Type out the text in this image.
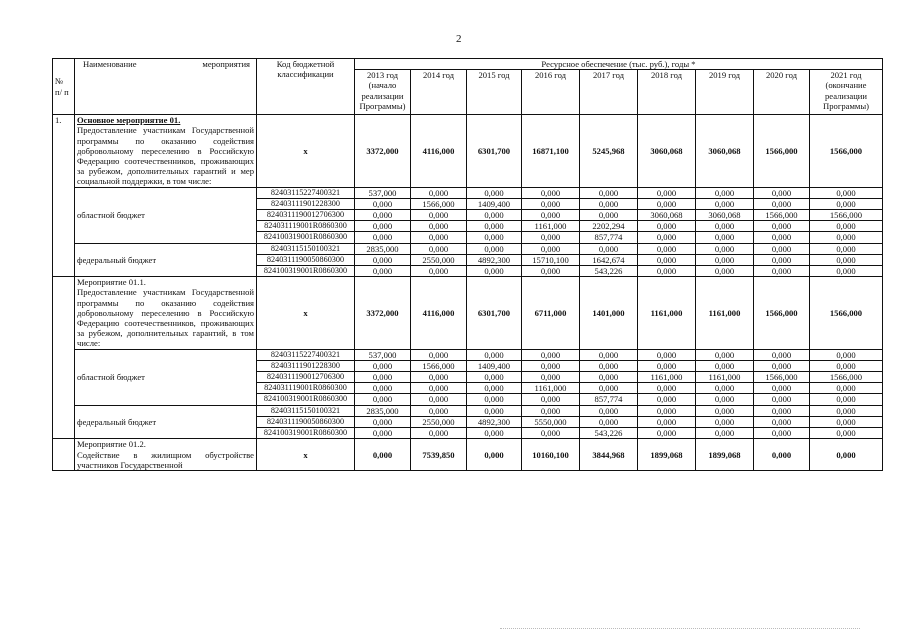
2
№ п/ п	Наименование мероприятия	Код бюджетной классификации	Ресурсное обеспечение (тыс. руб.), годы *								
			2013 год (начало реализации Программы)	2014 год	2015 год	2016 год	2017 год	2018 год	2019 год	2020 год	2021 год (окончание реализации Программы)
1.	Основное мероприятие 01.
Предоставление участникам Государственной программы по оказанию содействия добровольному переселению в Российскую Федерацию соотечественников, проживающих за рубежом, дополнительных гарантий и мер социальной поддержки, в том числе:	х	3372,000	4116,000	6301,700	16871,100	5245,968	3060,068	3060,068	1566,000	1566,000
	областной бюджет	82403115227400321	537,000	0,000	0,000	0,000	0,000	0,000	0,000	0,000	0,000
		82403111901228300	0,000	1566,000	1409,400	0,000	0,000	0,000	0,000	0,000	0,000
		8240311190012706300	0,000	0,000	0,000	0,000	0,000	3060,068	3060,068	1566,000	1566,000
		824031119001R0860300	0,000	0,000	0,000	1161,000	2202,294	0,000	0,000	0,000	0,000
		824100319001R0860300	0,000	0,000	0,000	0,000	857,774	0,000	0,000	0,000	0,000
	федеральный бюджет	82403115150100321	2835,000	0,000	0,000	0,000	0,000	0,000	0,000	0,000	0,000
		8240311190050860300	0,000	2550,000	4892,300	15710,100	1642,674	0,000	0,000	0,000	0,000
		824100319001R0860300	0,000	0,000	0,000	0,000	543,226	0,000	0,000	0,000	0,000

	Мероприятие 01.1.
Предоставление участникам Государственной программы по оказанию содействия добровольному переселению в Российскую Федерацию соотечественников, проживающих за рубежом, дополнительных гарантий, в том числе:	х	3372,000	4116,000	6301,700	6711,000	1401,000	1161,000	1161,000	1566,000	1566,000
	областной бюджет	82403115227400321	537,000	0,000	0,000	0,000	0,000	0,000	0,000	0,000	0,000
		82403111901228300	0,000	1566,000	1409,400	0,000	0,000	0,000	0,000	0,000	0,000
		8240311190012706300	0,000	0,000	0,000	0,000	0,000	1161,000	1161,000	1566,000	1566,000
		824031119001R0860300	0,000	0,000	0,000	1161,000	0,000	0,000	0,000	0,000	0,000
		824100319001R0860300	0,000	0,000	0,000	0,000	857,774	0,000	0,000	0,000	0,000
	федеральный бюджет	82403115150100321	2835,000	0,000	0,000	0,000	0,000	0,000	0,000	0,000	0,000
		8240311190050860300	0,000	2550,000	4892,300	5550,000	0,000	0,000	0,000	0,000	0,000
		824100319001R0860300	0,000	0,000	0,000	0,000	543,226	0,000	0,000	0,000	0,000

	Мероприятие 01.2.
Содействие в жилищном обустройстве участников Государственной	х	0,000	7539,850	0,000	10160,100	3844,968	1899,068	1899,068	0,000	0,000
